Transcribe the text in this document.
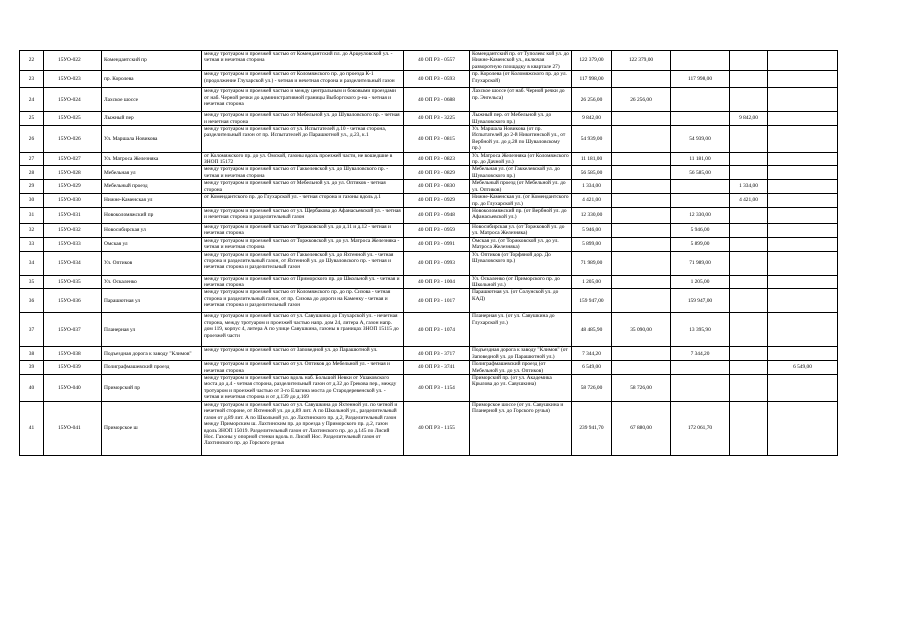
22	15УО-022	Комендантский пр	между тротуаром и проезжей частью от Комендантский пл. до Арцеуловской ул. - четная и нечетная сторона	40 ОП РЗ - 0557	Комендантский пр. от Туполевс кой ул. до Нижне-Каменской ул., включая разворотную площадку в квартале 27)	122 379,00	122 379,00			
23	15УО-023	пр. Королева	между тротуаром и проезжей частью от Коломяжского пр. до проезда К-1 (продолжение Глухарской ул.) - четная и нечетная сторона и разделительный газон	40 ОП РЗ - 0593	пр. Королева (от Коломяжского пр. до ул. Глухарской)	117 998,00		117 998,00		
24	15УО-024	Лахское шоссе	между тротуаром и проезжей частью и между центральным и боковыми проездами от наб. Черной речки до административной границы Выборгского р-на - четная и нечетная сторона	40 ОП РЗ - 0688	Лахское шоссе (от наб. Черной речки до пр. Энгельса)	26 256,00	26 256,00			
25	15УО-025	Лыжный пер	между тротуаром и проезжей частью от Мебельной ул. до Шуваловского пр. - четная и нечетная сторона	40 ОП РЗ - 3225	Лыжный пер. от Мебельной ул. до Шуваловского пр.)	9 842,00			9 842,00	
26	15УО-026	Ул. Маршала Новикова	между тротуаром и проезжей частью от ул. Испытателей д.10 - четная сторона, разделительный газон от пр. Испытателей до Парашютной ул., д.23, к.1	40 ОП РЗ - 0815	Ул. Маршала Новикова (от пр. Испытателей до 2-й Никитинской ул., от Вербной ул. до д.28 по Шуваловскому пр.)	54 939,00		54 939,00		
27	15УО-027	Ул. Матроса Железняка	от Коломяжского пр. до ул. Омской, газоны вдоль проезжей части, не вошедшие в ЗНОП 15172	40 ОП РЗ - 0823	Ул. Матроса Железняка (от Коломяжского пр. до Дачной ул.)	11 181,00		11 181,00		
28	15УО-028	Мебельная ул	между тротуаром и проезжей частью от Гаккелевской ул. до Шуваловского пр. - четная и нечетная сторона	40 ОП РЗ - 0829	Мебельная ул. (от Гаккелевской ул. до Шуваловского пр.)	56 585,00		56 585,00		
29	15УО-029	Мебельный проезд	между тротуаром и проезжей частью от Мебельной ул. до ул. Оптиков - четная сторона	40 ОП РЗ - 0830	Мебельный проезд (от Мебельной ул. до ул. Оптиков)	1 334,00			1 334,00	
30	15УО-030	Нижне-Каменская ул	от Комендантского пр. до Глухарской ул. - четная сторона и газоны вдоль д.1	40 ОП РЗ - 0929	Нижне-Каменская ул. (от Комендантского пр. до Глухарской ул.)	4 421,00			4 421,00	
31	15УО-031	Новоколомяжский пр	между тротуаром и проезжей частью от ул. Щербакова до Афанасьевской ул. - четная и нечетная сторона и разделительный газон	40 ОП РЗ - 0948	Новоколомяжский пр. (от Вербной ул. до Афанасьевской ул.)	12 330,00		12 330,00		
32	15УО-032	Новосибирская ул	между тротуаром и проезжей частью от Торжковской ул. до д.11 и д.12 - четная и нечетная сторона	40 ОП РЗ - 0959	Новосибирская ул. (от Торжковой ул. до ул. Матроса Железняка)	5 946,00		5 946,00		
33	15УО-033	Омская ул	между тротуаром и проезжей частью от Торжковской ул. до ул. Матроса Железняка - четная и нечетная сторона	40 ОП РЗ - 0991	Омская ул. (от Торжковской ул. до ул. Матроса Железняка)	5 899,00		5 899,00		
34	15УО-034	Ул. Оптиков	между тротуаром и проезжей частью от Гаккелевской ул. до Яхтенной ул. - четная сторона и разделительный газон, от Яхтенной ул. до Шуваловского пр. - четная и нечетная сторона и разделительный газон	40 ОП РЗ - 0993	Ул. Оптиков (от Торфяной дор. До Шуваловского пр.)	71 989,00		71 989,00		
35	15УО-035	Ул. Оскаленко	между тротуаром и проезжей частью от Приморского пр. до Школьной ул. - четная и нечетная сторона	40 ОП РЗ - 1004	Ул. Оскаленко (от Приморского пр. до Школьной ул.)	1 205,00		1 205,00		
36	15УО-036	Парашютная ул	между тротуаром и проезжей частью от Коломяжского пр. до пр. Сизова - четная сторона и разделительный газон, от пр. Сизова до дороги на Каменку - четная и нечетная сторона и разделительный газон	40 ОП РЗ - 1017	Парашютная ул. (от Солунской ул. до КАД)	159 947,00		159 947,00		
37	15УО-037	Планерная ул	между тротуаром и проезжей частью от ул. Савушкина до Глухарской ул. - нечетная сторона, между тротуаром и проезжей частью напр. дом 24, литера А, газон напр. дом 119, корпус 4, литера А по улице Савушкина, газоны в границах ЗНОП 15115 до проезжей части	40 ОП РЗ - 1074	Планерная ул. (от ул. Савушкина до Глухарской ул.)	48 485,90	35 090,00	13 395,90		
38	15УО-038	Подъездная дорога к заводу "Климов"	между тротуаром и проезжей частью от Заповедной ул. до Парашютной ул.	40 ОП РЗ - 3717	Подъездная дорога к заводу "Климов" (от Заповедной ул. до Парашютной ул.)	7 344,20		7 344,20		
39	15УО-039	Полиграфмашевский проезд	между тротуаром и проезжей частью от ул. Оптиков до Мебельной ул. - четная и нечетная сторона	40 ОП РЗ - 3741	Полиграфмашевский проезд (от Мебельной ул. до ул. Оптиков)	6 549,00				6 549,00
40	15УО-040	Приморский пр	между тротуаром и проезжей частью вдоль наб. Большой Невки от Ушаковского моста до д.4 - четная сторона, разделительный газон от д.32 до Грекова пер., между тротуаром и проезжей частью от 3-го Елагина моста до Стародеревенской ул. - четная и нечетная сторона и от д.139 до д.169	40 ОП РЗ - 1154	Приморский пр. (от ул. Академика Крылова до ул. Савушкина)	58 726,00	58 726,00			
41	15УО-041	Приморское ш	между тротуаром и проезжей частью от ул. Савушкина до Яхтенной ул. по четной и нечетной стороне, от Яхтенной ул. до д.89 лит. А по Школьной ул., разделительный газон от д.89 лит. А по Школьной ул. до Лахтинского пр. д.2, Разделительный газон между Приморским ш. Лахтинским пр. до проезда у Приморского пр. д.2, газон вдоль ЗНОП 15019. Разделительный газон от Лахтинского пр. до д.145 по Лисий Нос. Газоны у опорной стенки вдоль п. Лисий Нос. Разделительный газон от Лахтинского пр. до Горского ручья	40 ОП РЗ - 1155	Приморское шоссе (от ул. Савушкина и Планерной ул. до Горского ручья)	239 941,70	67 880,00	172 061,70		
